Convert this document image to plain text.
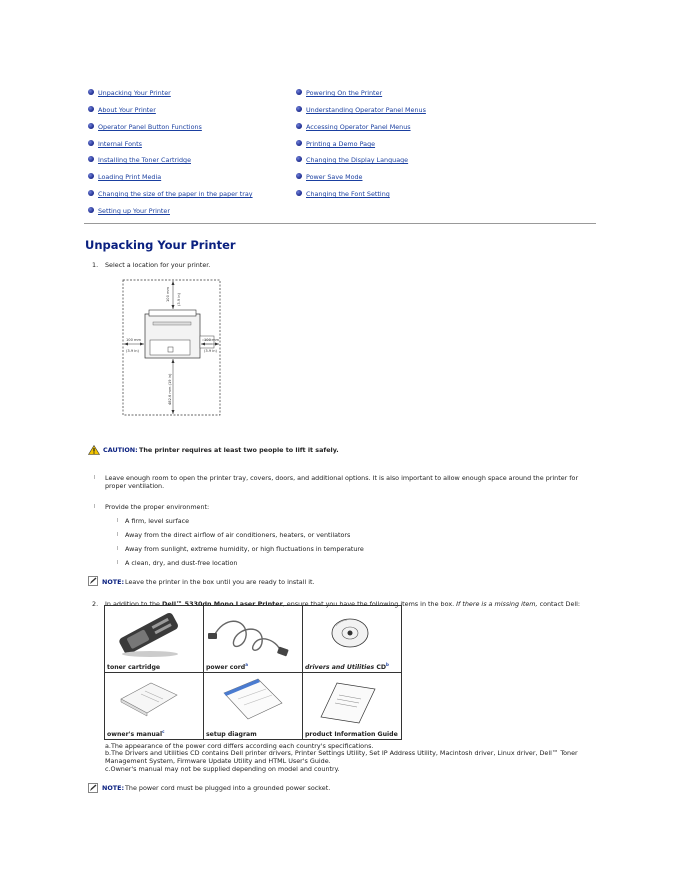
Unpacking Your Printer
About Your Printer
Operator Panel Button Functions
Internal Fonts
Installing the Toner Cartridge
Loading Print Media
Changing the size of the paper in the paper tray
Setting up Your Printer
Powering On the Printer
Understanding Operator Panel Menus
Accessing Operator Panel Menus
Printing a Demo Page
Changing the Display Language
Power Save Mode
Changing the Font Setting
Unpacking Your Printer
1. Select a location for your printer.
100 mm (3.9 in)
482.6 mm (19 in)
100 mm
(3.9 in)
100 mm
(3.9 in)
CAUTION: The printer requires at least two people to lift it safely.
l Leave enough room to open the printer tray, covers, doors, and additional options. It is also important to allow enough space around the printer for
proper ventilation.
l Provide the proper environment:
l A firm, level surface
l Away from the direct airflow of air conditioners, heaters, or ventilators
l Away from sunlight, extreme humidity, or high fluctuations in temperature
l A clean, dry, and dust-free location
NOTE: Leave the printer in the box until you are ready to install it.
2. In addition to the Dell™ 5330dn Mono Laser Printer, ensure that you have the following items in the box. If there is a missing item, contact Dell:
toner cartridge	power cord$^a$	drivers and Utilities $CD^b$

owner's manual$^c$	setup diagram	product Information Guide
a.The appearance of the power cord differs according each country's specifications.
b.The Drivers and Utilities CD contains Dell printer drivers, Printer Settings Utility, Set IP Address Utility, Macintosh driver, Linux driver, Dell™ Toner
Management System, Firmware Update Utility and HTML User's Guide.
c.Owner's manual may not be supplied depending on model and country.
NOTE: The power cord must be plugged into a grounded power socket.
